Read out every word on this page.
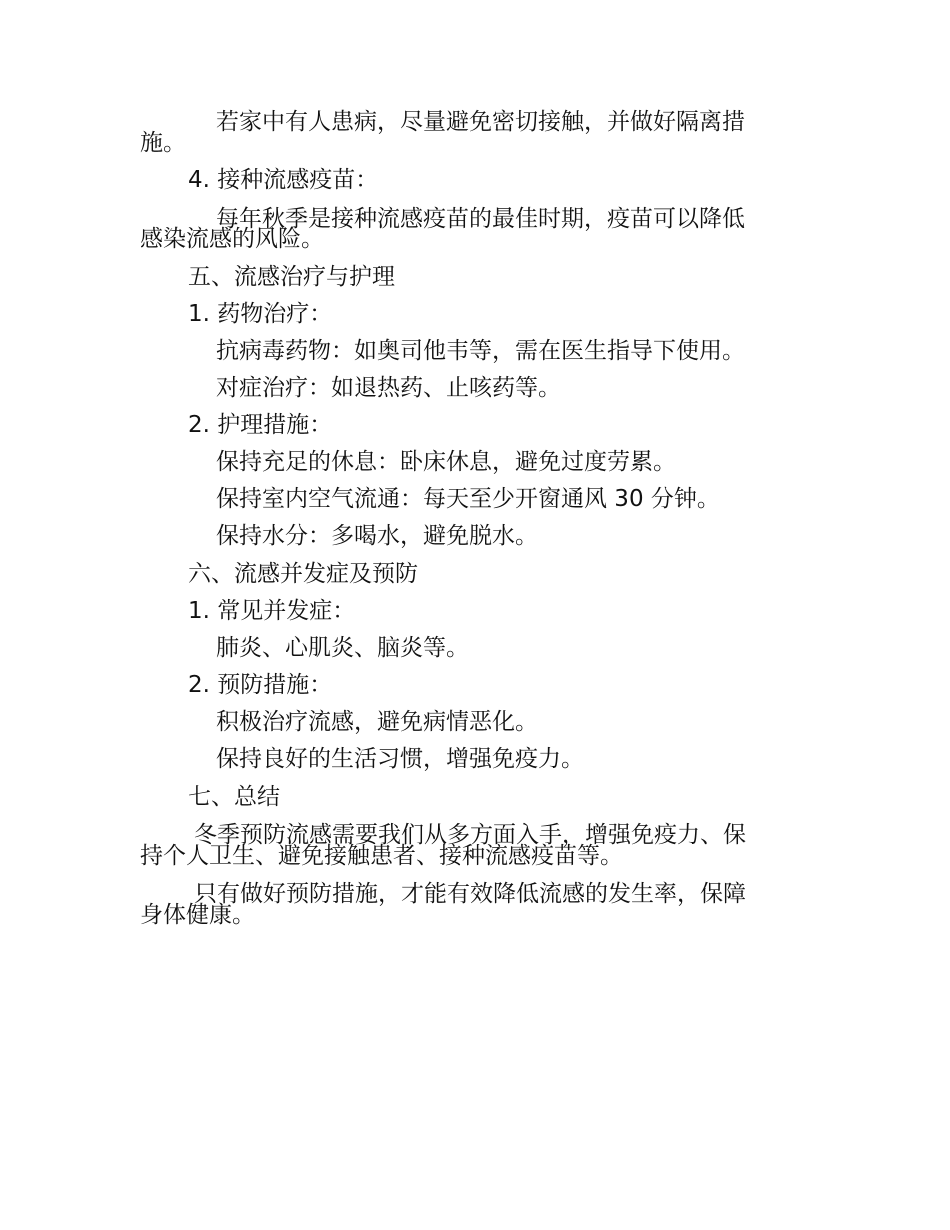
若家中有人患病，尽量避免密切接触，并做好隔离措
施。
4. 接种流感疫苗：
每年秋季是接种流感疫苗的最佳时期，疫苗可以降低
感染流感的风险。
五、流感治疗与护理
1. 药物治疗：
抗病毒药物：如奥司他韦等，需在医生指导下使用。
对症治疗：如退热药、止咳药等。
2. 护理措施：
保持充足的休息：卧床休息，避免过度劳累。
保持室内空气流通：每天至少开窗通风 30 分钟。
保持水分：多喝水，避免脱水。
六、流感并发症及预防
1. 常见并发症：
肺炎、心肌炎、脑炎等。
2. 预防措施：
积极治疗流感，避免病情恶化。
保持良好的生活习惯，增强免疫力。
七、总结
冬季预防流感需要我们从多方面入手，增强免疫力、保
持个人卫生、避免接触患者、接种流感疫苗等。
只有做好预防措施，才能有效降低流感的发生率，保障
身体健康。
